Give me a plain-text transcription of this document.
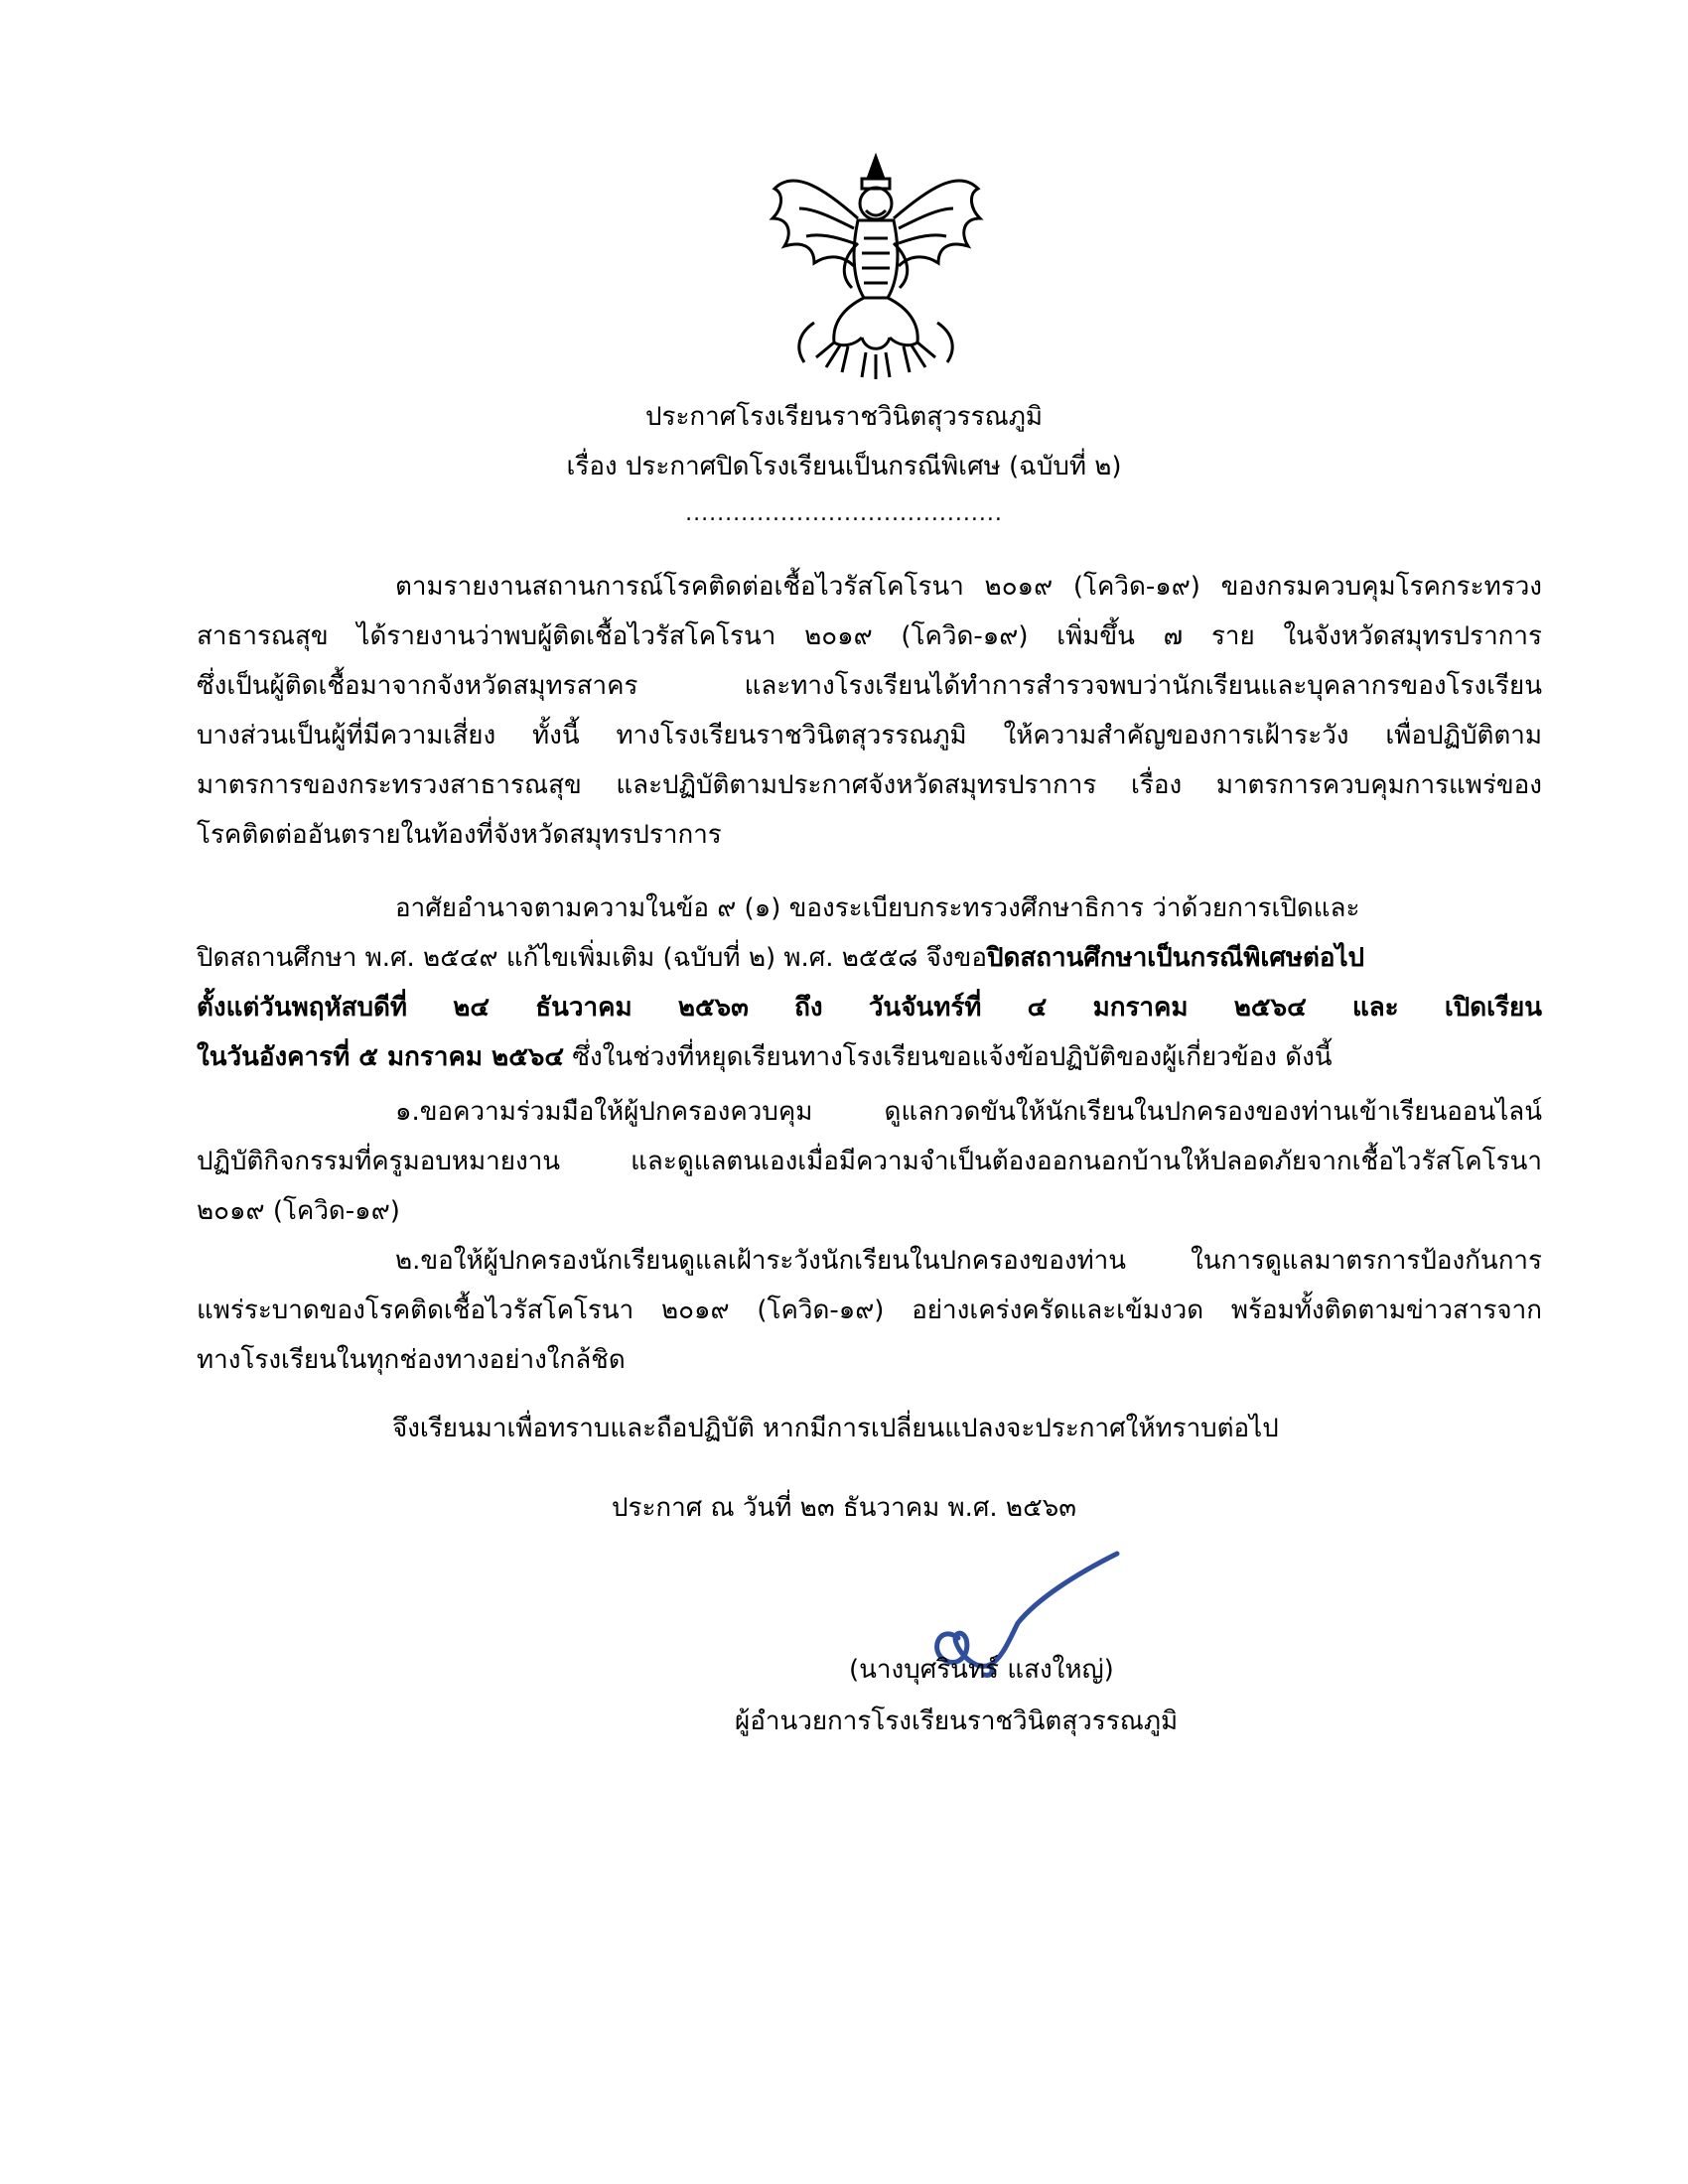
ประกาศโรงเรียนราชวินิตสุวรรณภูมิ
เรื่อง ประกาศปิดโรงเรียนเป็นกรณีพิเศษ (ฉบับที่ ๒)
........................................
ตามรายงานสถานการณ์โรคติดต่อเชื้อไวรัสโคโรนา ๒๐๑๙ (โควิด-๑๙) ของกรมควบคุมโรคกระทรวง
สาธารณสุข ได้รายงานว่าพบผู้ติดเชื้อไวรัสโคโรนา ๒๐๑๙ (โควิด-๑๙) เพิ่มขึ้น ๗ ราย ในจังหวัดสมุทรปราการ
ซึ่งเป็นผู้ติดเชื้อมาจากจังหวัดสมุทรสาคร และทางโรงเรียนได้ทำการสำรวจพบว่านักเรียนและบุคลากรของโรงเรียน
บางส่วนเป็นผู้ที่มีความเสี่ยง ทั้งนี้ ทางโรงเรียนราชวินิตสุวรรณภูมิ ให้ความสำคัญของการเฝ้าระวัง เพื่อปฏิบัติตาม
มาตรการของกระทรวงสาธารณสุข และปฏิบัติตามประกาศจังหวัดสมุทรปราการ เรื่อง มาตรการควบคุมการแพร่ของ
โรคติดต่ออันตรายในท้องที่จังหวัดสมุทรปราการ
อาศัยอำนาจตามความในข้อ ๙ (๑) ของระเบียบกระทรวงศึกษาธิการ ว่าด้วยการเปิดและ
ปิดสถานศึกษา พ.ศ. ๒๕๔๙ แก้ไขเพิ่มเติม (ฉบับที่ ๒) พ.ศ. ๒๕๕๘ จึงขอปิดสถานศึกษาเป็นกรณีพิเศษต่อไป
ตั้งแต่วันพฤหัสบดีที่ ๒๔ ธันวาคม ๒๕๖๓ ถึง วันจันทร์ที่ ๔ มกราคม ๒๕๖๔ และ เปิดเรียน
ในวันอังคารที่ ๕ มกราคม ๒๕๖๔ ซึ่งในช่วงที่หยุดเรียนทางโรงเรียนขอแจ้งข้อปฏิบัติของผู้เกี่ยวข้อง ดังนี้
๑.ขอความร่วมมือให้ผู้ปกครองควบคุม ดูแลกวดขันให้นักเรียนในปกครองของท่านเข้าเรียนออนไลน์
ปฏิบัติกิจกรรมที่ครูมอบหมายงาน และดูแลตนเองเมื่อมีความจำเป็นต้องออกนอกบ้านให้ปลอดภัยจากเชื้อไวรัสโคโรนา
๒๐๑๙ (โควิด-๑๙)
๒.ขอให้ผู้ปกครองนักเรียนดูแลเฝ้าระวังนักเรียนในปกครองของท่าน ในการดูแลมาตรการป้องกันการ
แพร่ระบาดของโรคติดเชื้อไวรัสโคโรนา ๒๐๑๙ (โควิด-๑๙) อย่างเคร่งครัดและเข้มงวด พร้อมทั้งติดตามข่าวสารจาก
ทางโรงเรียนในทุกช่องทางอย่างใกล้ชิด
จึงเรียนมาเพื่อทราบและถือปฏิบัติ หากมีการเปลี่ยนแปลงจะประกาศให้ทราบต่อไป
ประกาศ ณ วันที่ ๒๓ ธันวาคม พ.ศ. ๒๕๖๓
(นางบุศรินทร์ แสงใหญ่)
ผู้อำนวยการโรงเรียนราชวินิตสุวรรณภูมิ
